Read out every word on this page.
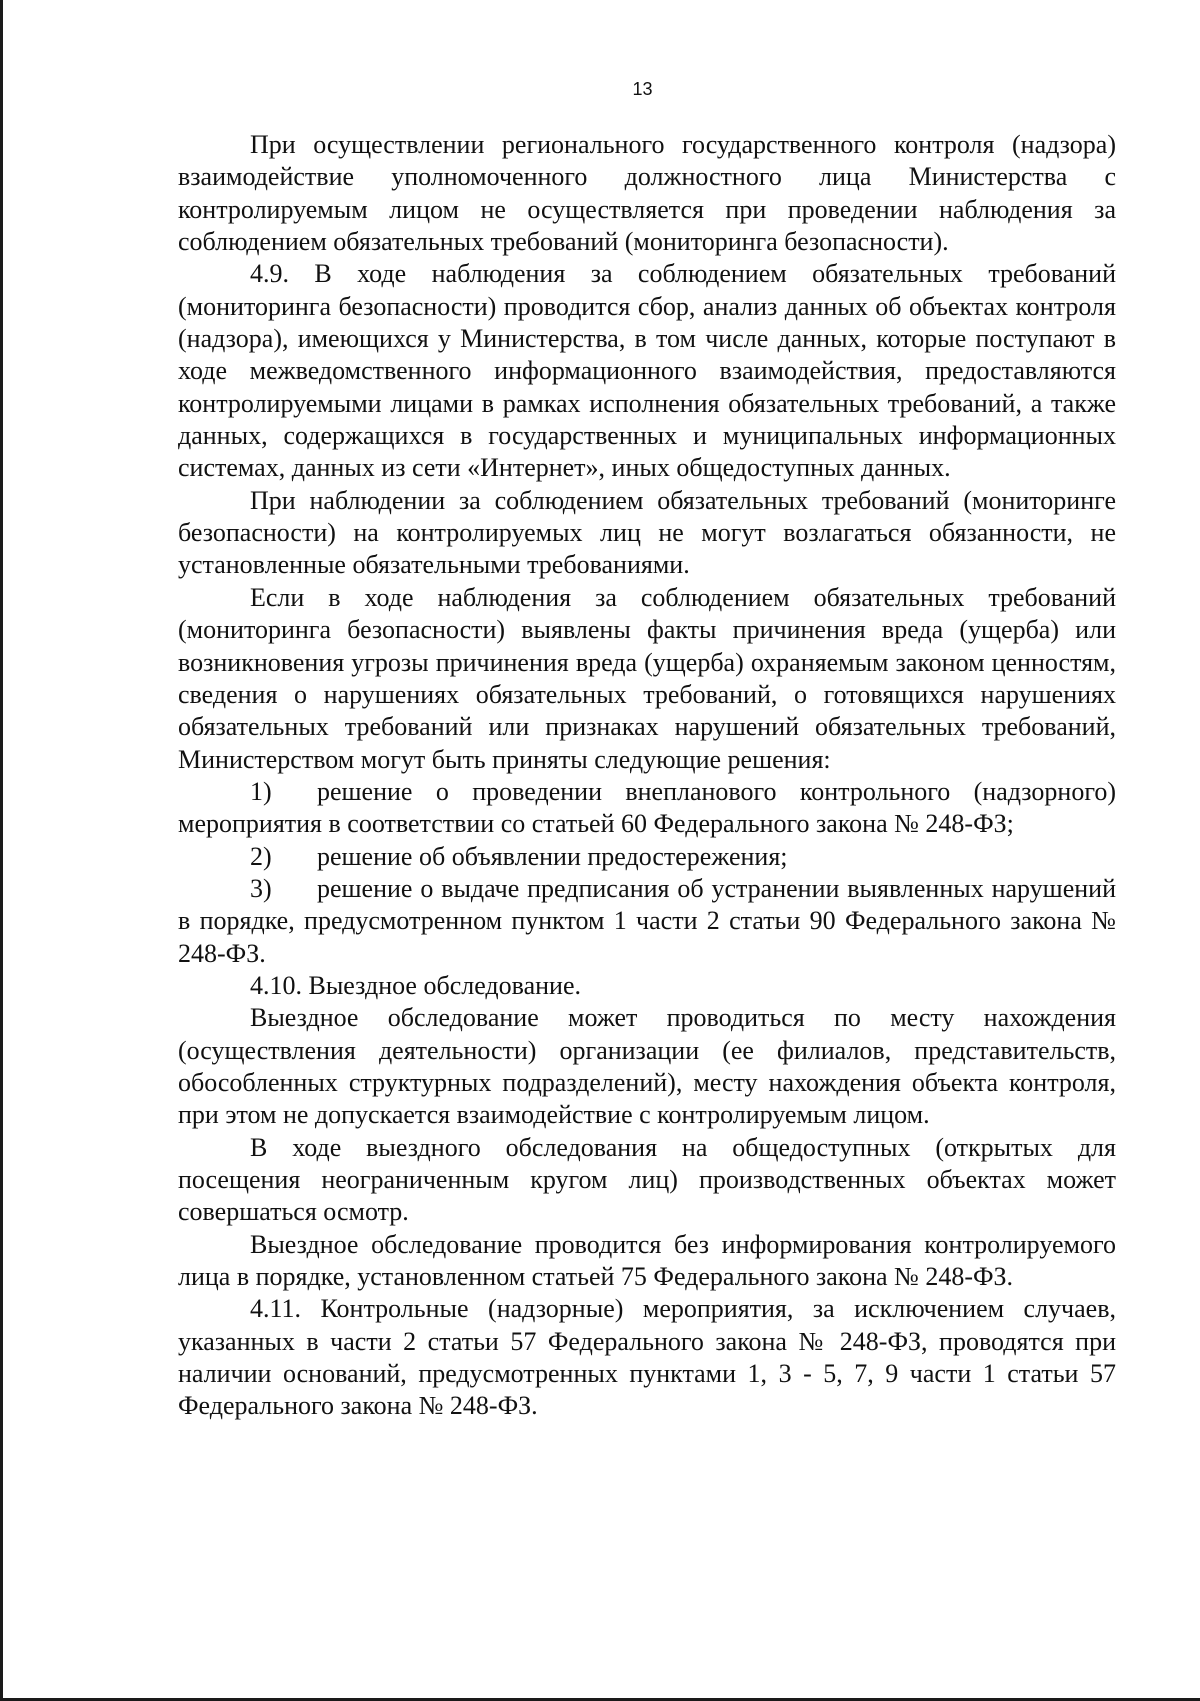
13

При осуществлении регионального государственного контроля (надзора) взаимодействие уполномоченного должностного лица Министерства с контролируемым лицом не осуществляется при проведении наблюдения за соблюдением обязательных требований (мониторинга безопасности).

4.9. В ходе наблюдения за соблюдением обязательных требований (мониторинга безопасности) проводится сбор, анализ данных об объектах контроля (надзора), имеющихся у Министерства, в том числе данных, которые поступают в ходе межведомственного информационного взаимодействия, предоставляются контролируемыми лицами в рамках исполнения обязательных требований, а также данных, содержащихся в государственных и муниципальных информационных системах, данных из сети «Интернет», иных общедоступных данных.

При наблюдении за соблюдением обязательных требований (мониторинге безопасности) на контролируемых лиц не могут возлагаться обязанности, не установленные обязательными требованиями.

Если в ходе наблюдения за соблюдением обязательных требований (мониторинга безопасности) выявлены факты причинения вреда (ущерба) или возникновения угрозы причинения вреда (ущерба) охраняемым законом ценностям, сведения о нарушениях обязательных требований, о готовящихся нарушениях обязательных требований или признаках нарушений обязательных требований, Министерством могут быть приняты следующие решения:

1) решение о проведении внепланового контрольного (надзорного) мероприятия в соответствии со статьей 60 Федерального закона № 248-ФЗ;

2) решение об объявлении предостережения;

3) решение о выдаче предписания об устранении выявленных нарушений в порядке, предусмотренном пунктом 1 части 2 статьи 90 Федерального закона № 248-ФЗ.

4.10. Выездное обследование.

Выездное обследование может проводиться по месту нахождения (осуществления деятельности) организации (ее филиалов, представительств, обособленных структурных подразделений), месту нахождения объекта контроля, при этом не допускается взаимодействие с контролируемым лицом.

В ходе выездного обследования на общедоступных (открытых для посещения неограниченным кругом лиц) производственных объектах может совершаться осмотр.

Выездное обследование проводится без информирования контролируемого лица в порядке, установленном статьей 75 Федерального закона № 248-ФЗ.

4.11. Контрольные (надзорные) мероприятия, за исключением случаев, указанных в части 2 статьи 57 Федерального закона № 248-ФЗ, проводятся при наличии оснований, предусмотренных пунктами 1, 3 - 5, 7, 9 части 1 статьи 57 Федерального закона № 248-ФЗ.
